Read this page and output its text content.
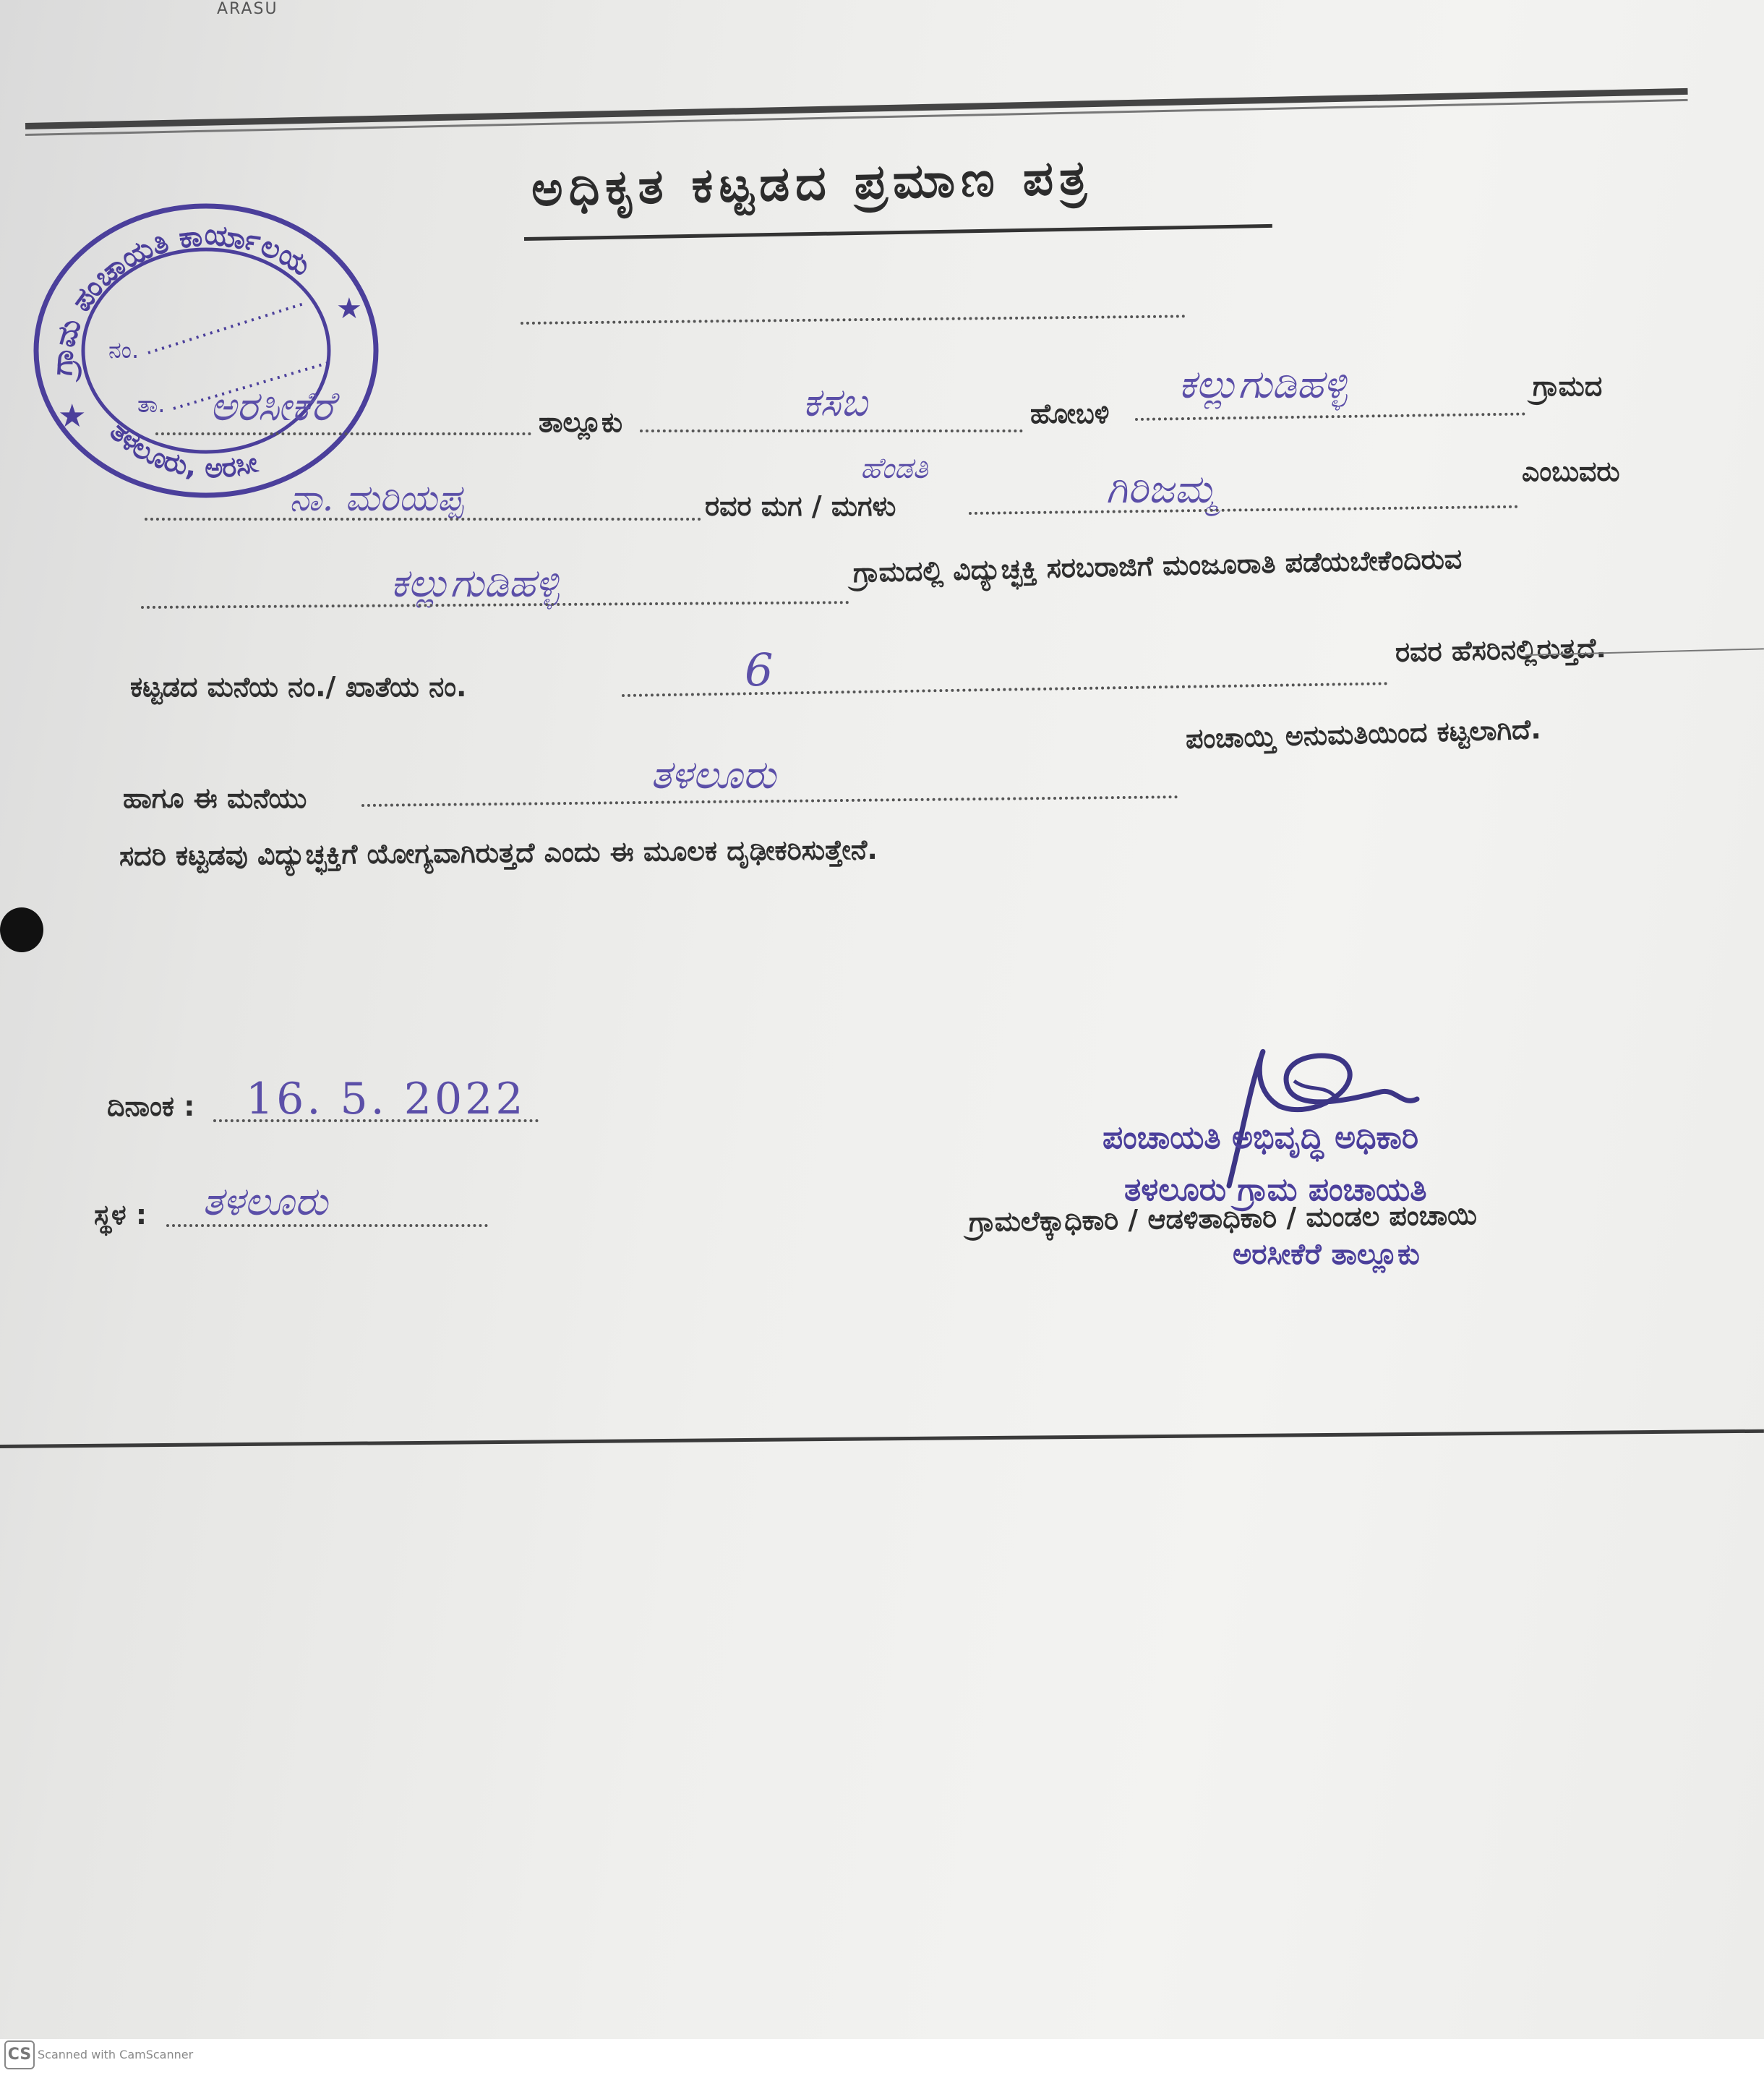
ARASU
ಅಧಿಕೃತ ಕಟ್ಟಡದ ಪ್ರಮಾಣ ಪತ್ರ
ಗ್ರಾಮ ಪಂಚಾಯತಿ ಕಾರ್ಯಾಲಯ
ತಳಲೂರು, ಅರಸೀ
★
★
ನಂ.
ತಾ. ಅರಸೀಕೆರೆ	ತಾಲ್ಲೂಕು	ಕಸಬ	ಹೋಬಳಿ
ಕಲ್ಲುಗುಡಿಹಳ್ಳಿ	ಗ್ರಾಮದ
ನಾ. ಮರಿಯಪ್ಪ	ರವರ ಮಗ / ಮಗಳು
ಹೆಂಡತಿ	ಗಿರಿಜಮ್ಮ	ಎಂಬುವರು
ಕಲ್ಲುಗುಡಿಹಳ್ಳಿ	ಗ್ರಾಮದಲ್ಲಿ ವಿದ್ಯುಚ್ಛಕ್ತಿ ಸರಬರಾಜಿಗೆ ಮಂಜೂರಾತಿ ಪಡೆಯಬೇಕೆಂದಿರುವ
ಕಟ್ಟಡದ ಮನೆಯ ನಂ./ ಖಾತೆಯ ನಂ.	6	ರವರ ಹೆಸರಿನಲ್ಲಿರುತ್ತದೆ.
ಹಾಗೂ ಈ ಮನೆಯು
ತಳಲೂರು
ಪಂಚಾಯ್ತಿ ಅನುಮತಿಯಿಂದ ಕಟ್ಟಲಾಗಿದೆ.
ಸದರಿ ಕಟ್ಟಡವು ವಿದ್ಯುಚ್ಛಕ್ತಿಗೆ ಯೋಗ್ಯವಾಗಿರುತ್ತದೆ ಎಂದು ಈ ಮೂಲಕ ದೃಢೀಕರಿಸುತ್ತೇನೆ.
ದಿನಾಂಕ : 16. 5. 2022
ಸ್ಥಳ : ತಳಲೂರು
ಪಂಚಾಯತಿ ಅಭಿವೃದ್ಧಿ ಅಧಿಕಾರಿ
ತಳಲೂರು ಗ್ರಾಮ ಪಂಚಾಯತಿ
ಗ್ರಾಮಲೆಕ್ಕಾಧಿಕಾರಿ / ಆಡಳಿತಾಧಿಕಾರಿ / ಮಂಡಲ ಪಂಚಾಯಿ
ಅರಸೀಕೆರೆ ತಾಲ್ಲೂಕು
CS Scanned with CamScanner
